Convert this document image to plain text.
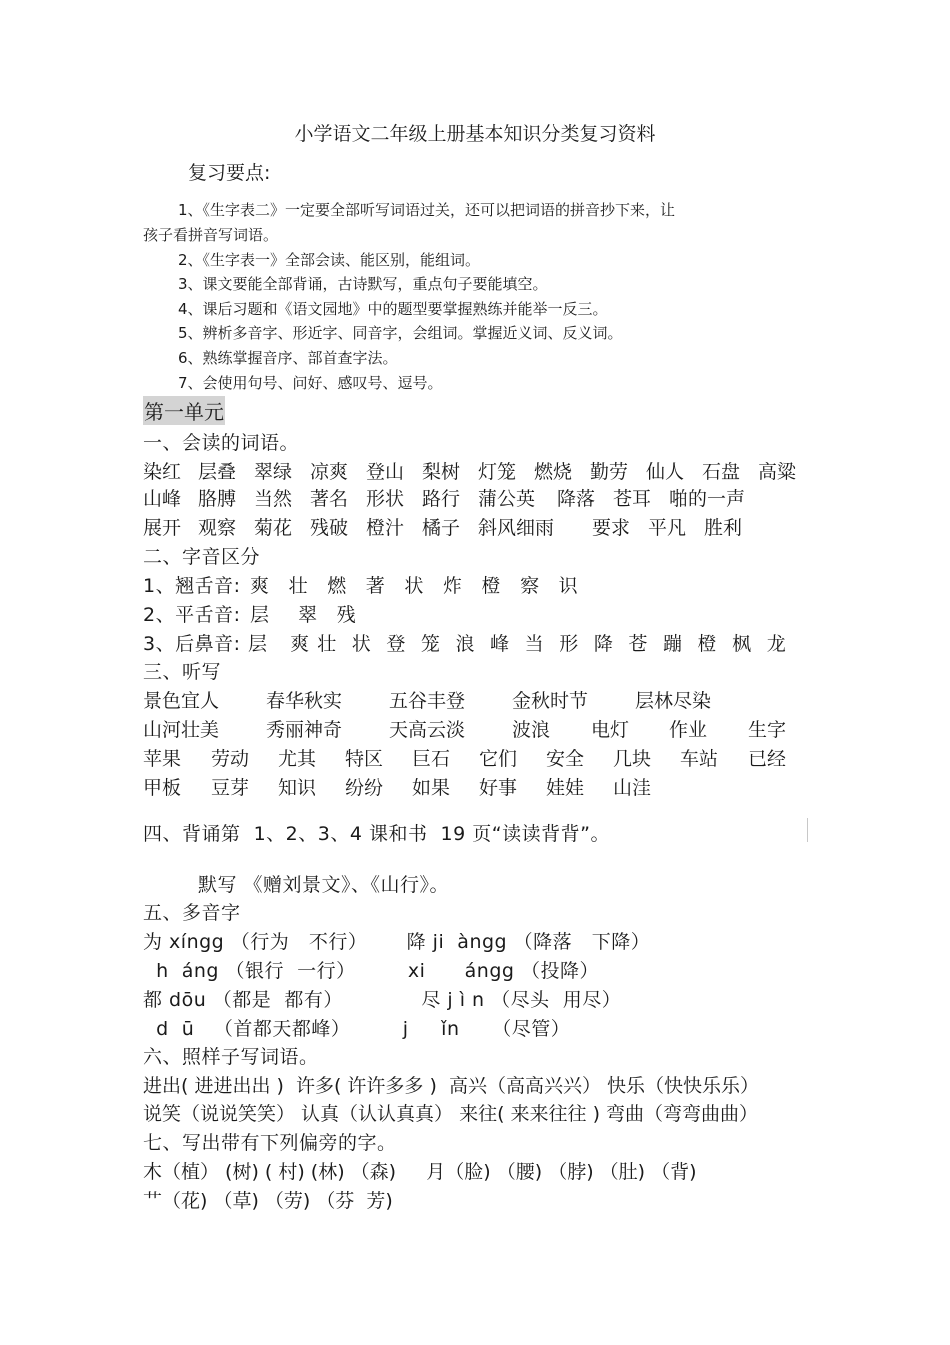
小学语文二年级上册基本知识分类复习资料
复习要点:
1、《生字表二》一定要全部听写词语过关，还可以把词语的拼音抄下来，让
孩子看拼音写词语。
2、《生字表一》全部会读、能区别，能组词。
3、课文要能全部背诵，古诗默写，重点句子要能填空。
4、课后习题和《语文园地》中的题型要掌握熟练并能举一反三。
5、辨析多音字、形近字、同音字，会组词。掌握近义词、反义词。
6、熟练掌握音序、部首查字法。
7、会使用句号、问好、感叹号、逗号。
第一单元
一、会读的词语。
染红 层叠 翠绿 凉爽 登山 梨树 灯笼 燃烧 勤劳 仙人 石盘 高粱
山峰 胳膊 当然 著名 形状 路行 蒲公英	降落 苍耳 啪的一声
展开 观察 菊花 残破 橙汁 橘子 斜风细雨	要求 平凡 胜利
二、字音区分
1、翘舌音: 爽  壮  燃  著  状  炸  橙  察  识
2、平舌音: 层   翠  残
3、后鼻音: 层   爽 壮  状  登  笼  浪  峰  当  形  降  苍  蹦  橙  枫  龙
三、听写
景色宜人	春华秋实	五谷丰登	金秋时节	层林尽染
山河壮美	秀丽神奇	天高云淡	波浪	电灯	作业	生字
苹果	劳动	尤其	特区	巨石	它们	安全	几块	车站	已经
甲板	豆芽	知识	纷纷	如果	好事	娃娃	山洼
四、背诵第  1、2、3、4 课和书  19 页“读读背背”。
默写 《赠刘景文》、《山行》。
五、多音字
为 xíngg （行为   不行）      降 ji  àngg （降落   下降）
h  áng （银行  一行）        xi      ángg （投降）
都 dōu （都是  都有）            尽 j ì n （尽头  用尽）
d  ū   （首都天都峰）        j     ǐn     （尽管）
六、照样子写词语。
进出( 进进出出 )  许多( 许许多多 )  高兴（高高兴兴） 快乐（快快乐乐）
说笑（说说笑笑） 认真（认认真真） 来往( 来来往往 ) 弯曲（弯弯曲曲）
七、写出带有下列偏旁的字。
木（植） (树) ( 村) (林) （森)     月（脸) （腰) （脖) （肚) （背)
艹（花) （草) （劳) （芬  芳)
